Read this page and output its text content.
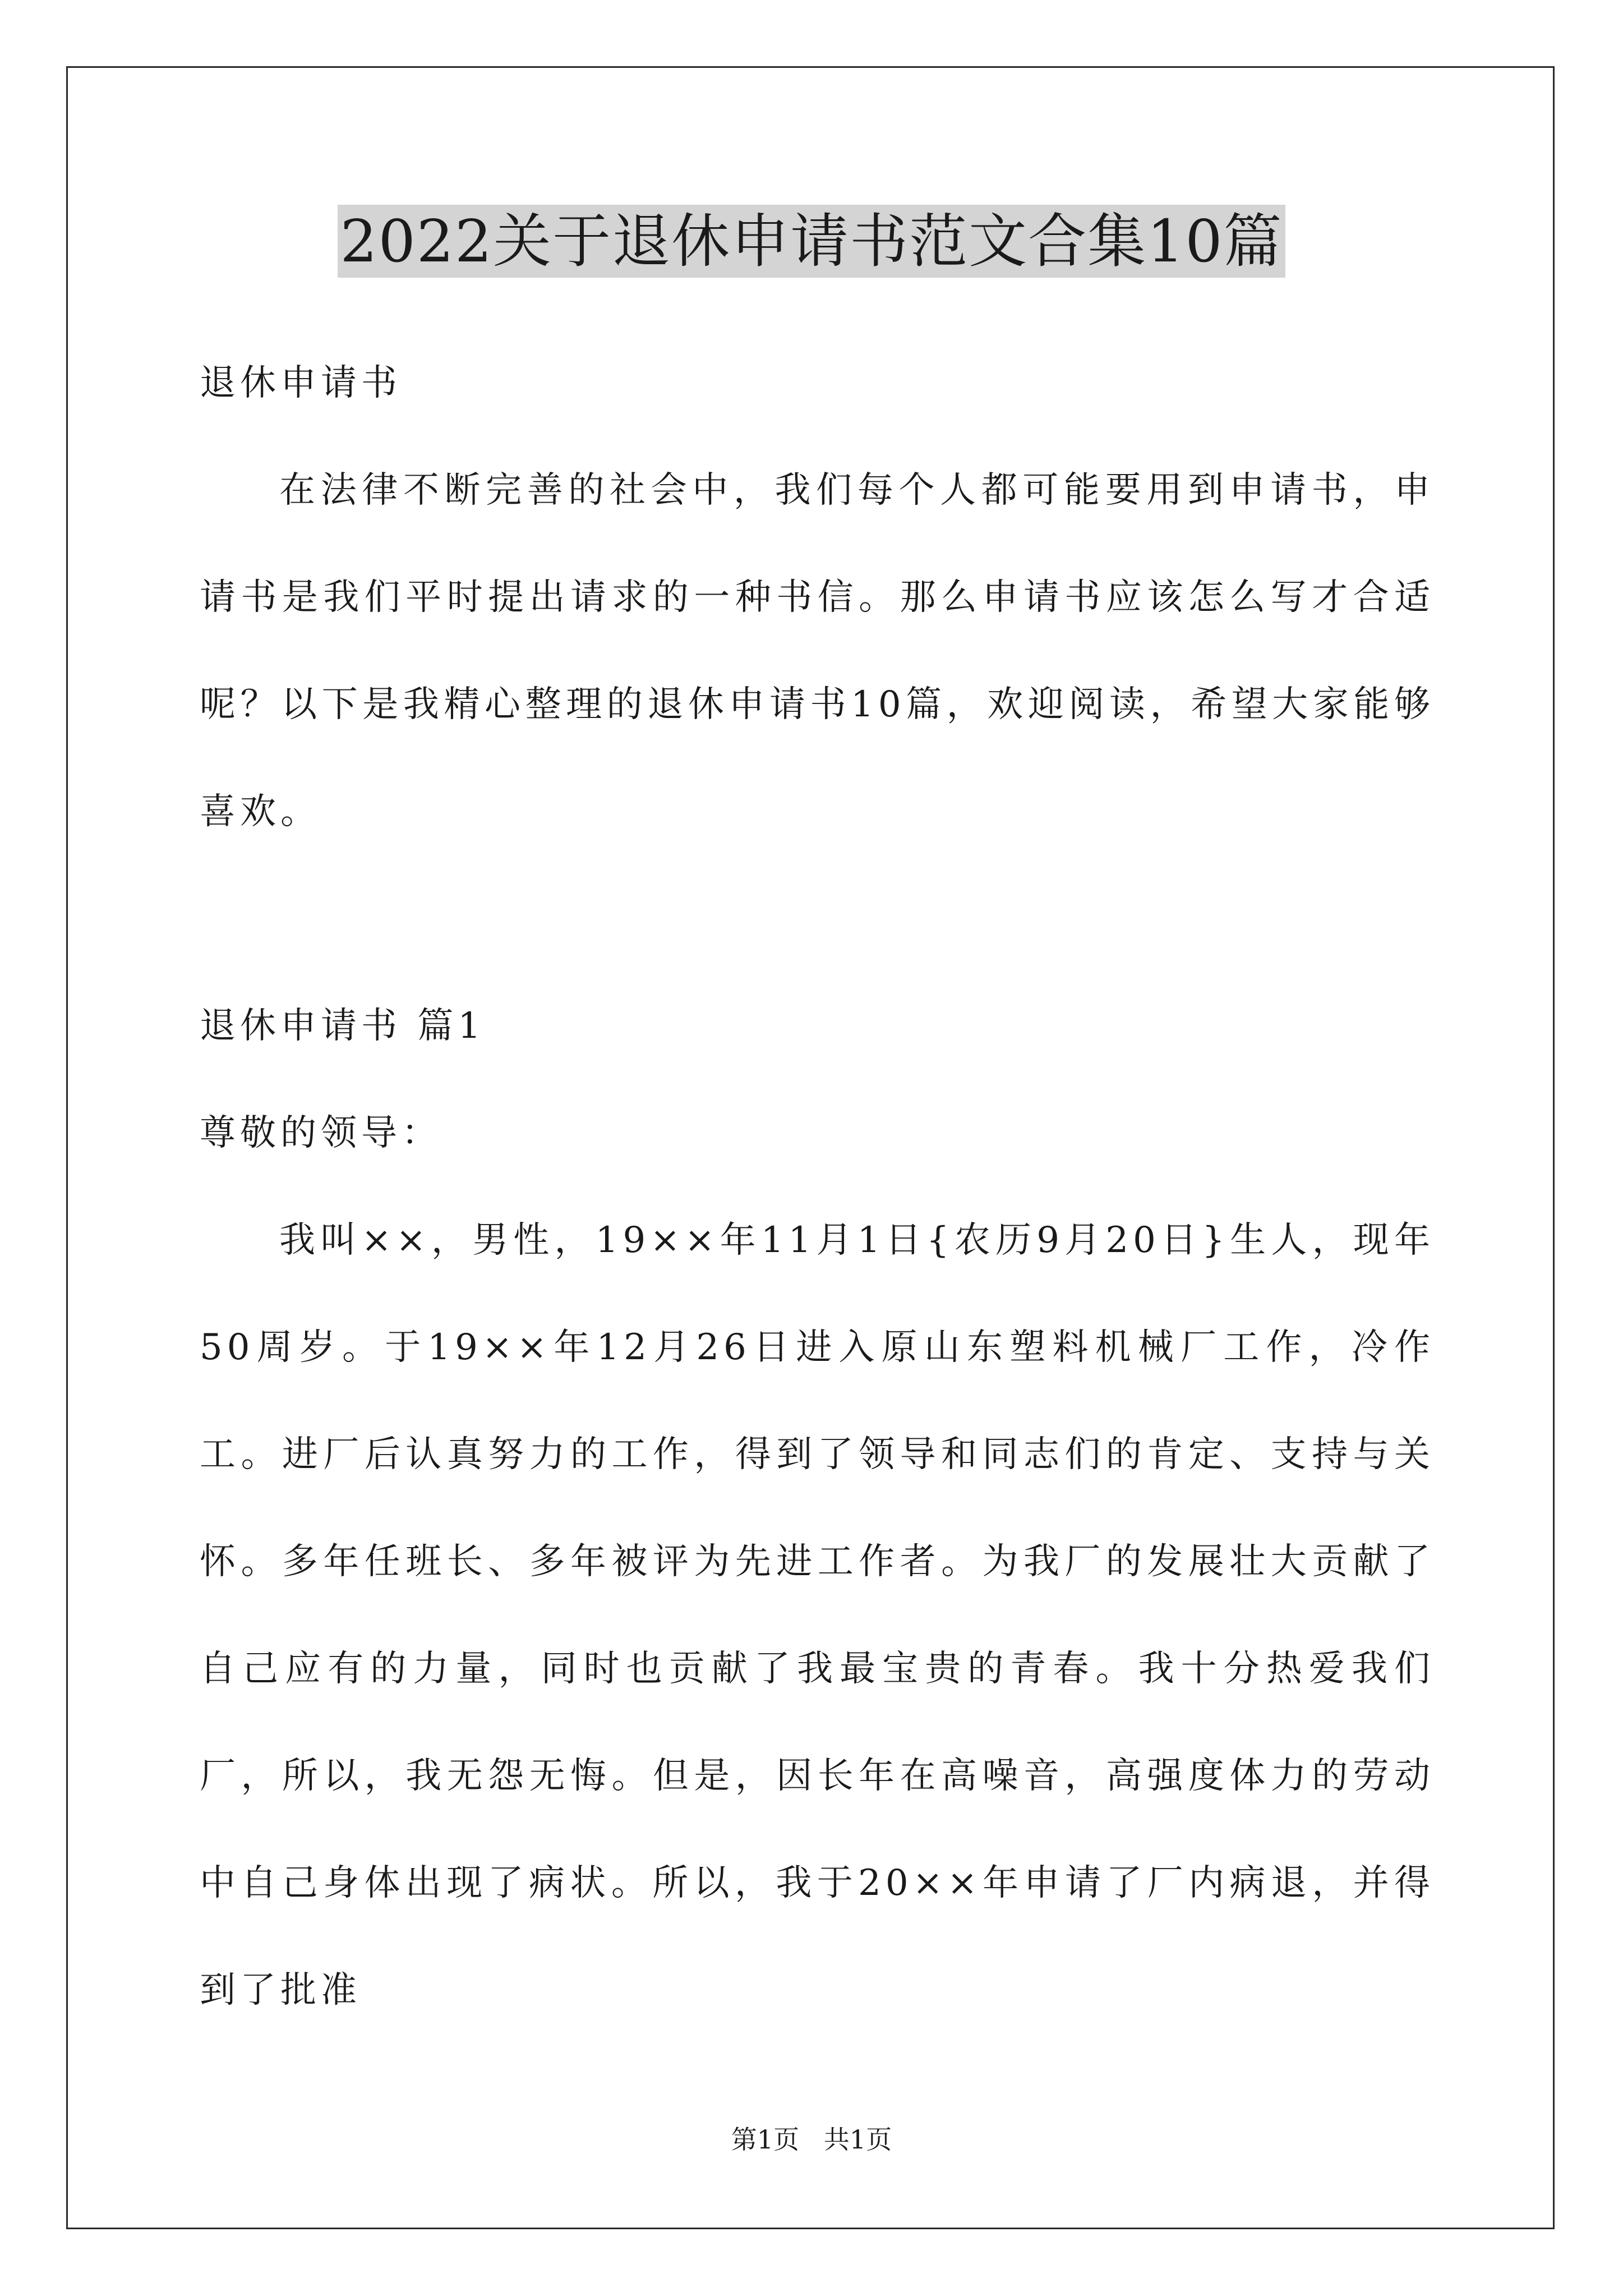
2022关于退休申请书范文合集10篇

退休申请书

在法律不断完善的社会中，我们每个人都可能要用到申请书，申请书是我们平时提出请求的一种书信。那么申请书应该怎么写才合适呢？以下是我精心整理的退休申请书10篇，欢迎阅读，希望大家能够喜欢。

退休申请书 篇1

尊敬的领导：

我叫××，男性，19××年11月1日{农历9月20日}生人，现年50周岁。于19××年12月26日进入原山东塑料机械厂工作，冷作工。进厂后认真努力的工作，得到了领导和同志们的肯定、支持与关怀。多年任班长、多年被评为先进工作者。为我厂的发展壮大贡献了自己应有的力量，同时也贡献了我最宝贵的青春。我十分热爱我们厂，所以，我无怨无悔。但是，因长年在高噪音，高强度体力的劳动中自己身体出现了病状。所以，我于20××年申请了厂内病退，并得到了批准

第1页   共1页
